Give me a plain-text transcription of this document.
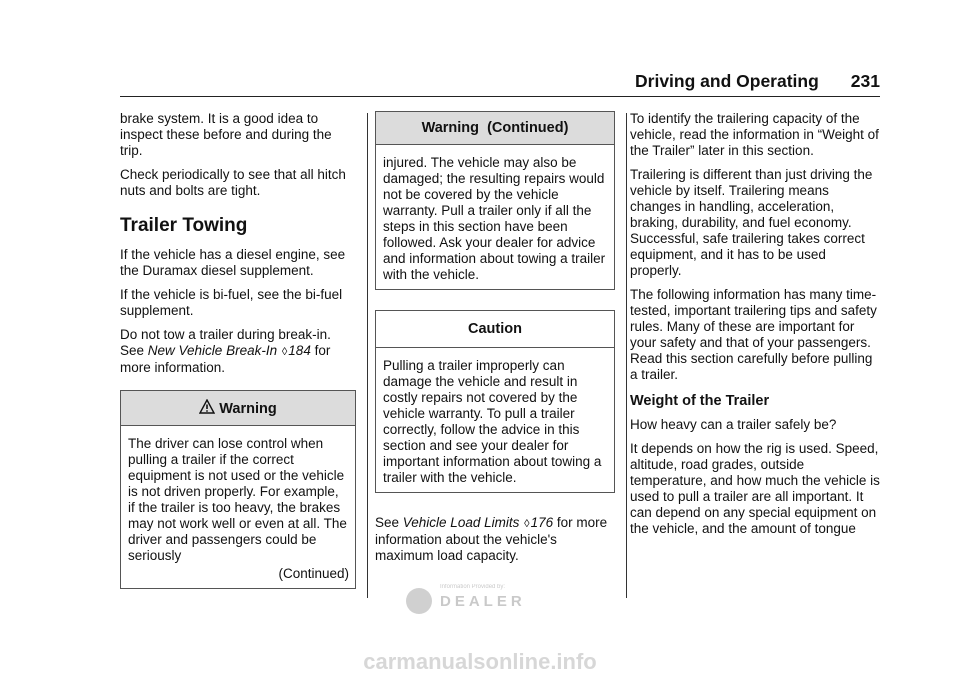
Driving and Operating 231

brake system. It is a good idea to inspect these before and during the trip.

Check periodically to see that all hitch nuts and bolts are tight.

Trailer Towing

If the vehicle has a diesel engine, see the Duramax diesel supplement.

If the vehicle is bi-fuel, see the bi-fuel supplement.

Do not tow a trailer during break-in. See New Vehicle Break-In ◊184 for more information.

Warning

The driver can lose control when pulling a trailer if the correct equipment is not used or the vehicle is not driven properly. For example, if the trailer is too heavy, the brakes may not work well or even at all. The driver and passengers could be seriously

(Continued)

Warning  (Continued)

injured. The vehicle may also be damaged; the resulting repairs would not be covered by the vehicle warranty. Pull a trailer only if all the steps in this section have been followed. Ask your dealer for advice and information about towing a trailer with the vehicle.

Caution

Pulling a trailer improperly can damage the vehicle and result in costly repairs not covered by the vehicle warranty. To pull a trailer correctly, follow the advice in this section and see your dealer for important information about towing a trailer with the vehicle.

See Vehicle Load Limits ◊176 for more information about the vehicle's maximum load capacity.

To identify the trailering capacity of the vehicle, read the information in “Weight of the Trailer” later in this section.

Trailering is different than just driving the vehicle by itself. Trailering means changes in handling, acceleration, braking, durability, and fuel economy. Successful, safe trailering takes correct equipment, and it has to be used properly.

The following information has many time-tested, important trailering tips and safety rules. Many of these are important for your safety and that of your passengers. Read this section carefully before pulling a trailer.

Weight of the Trailer

How heavy can a trailer safely be?

It depends on how the rig is used. Speed, altitude, road grades, outside temperature, and how much the vehicle is used to pull a trailer are all important. It can depend on any special equipment on the vehicle, and the amount of tongue

Information Provided by:
DEALER
carmanualsonline.info
